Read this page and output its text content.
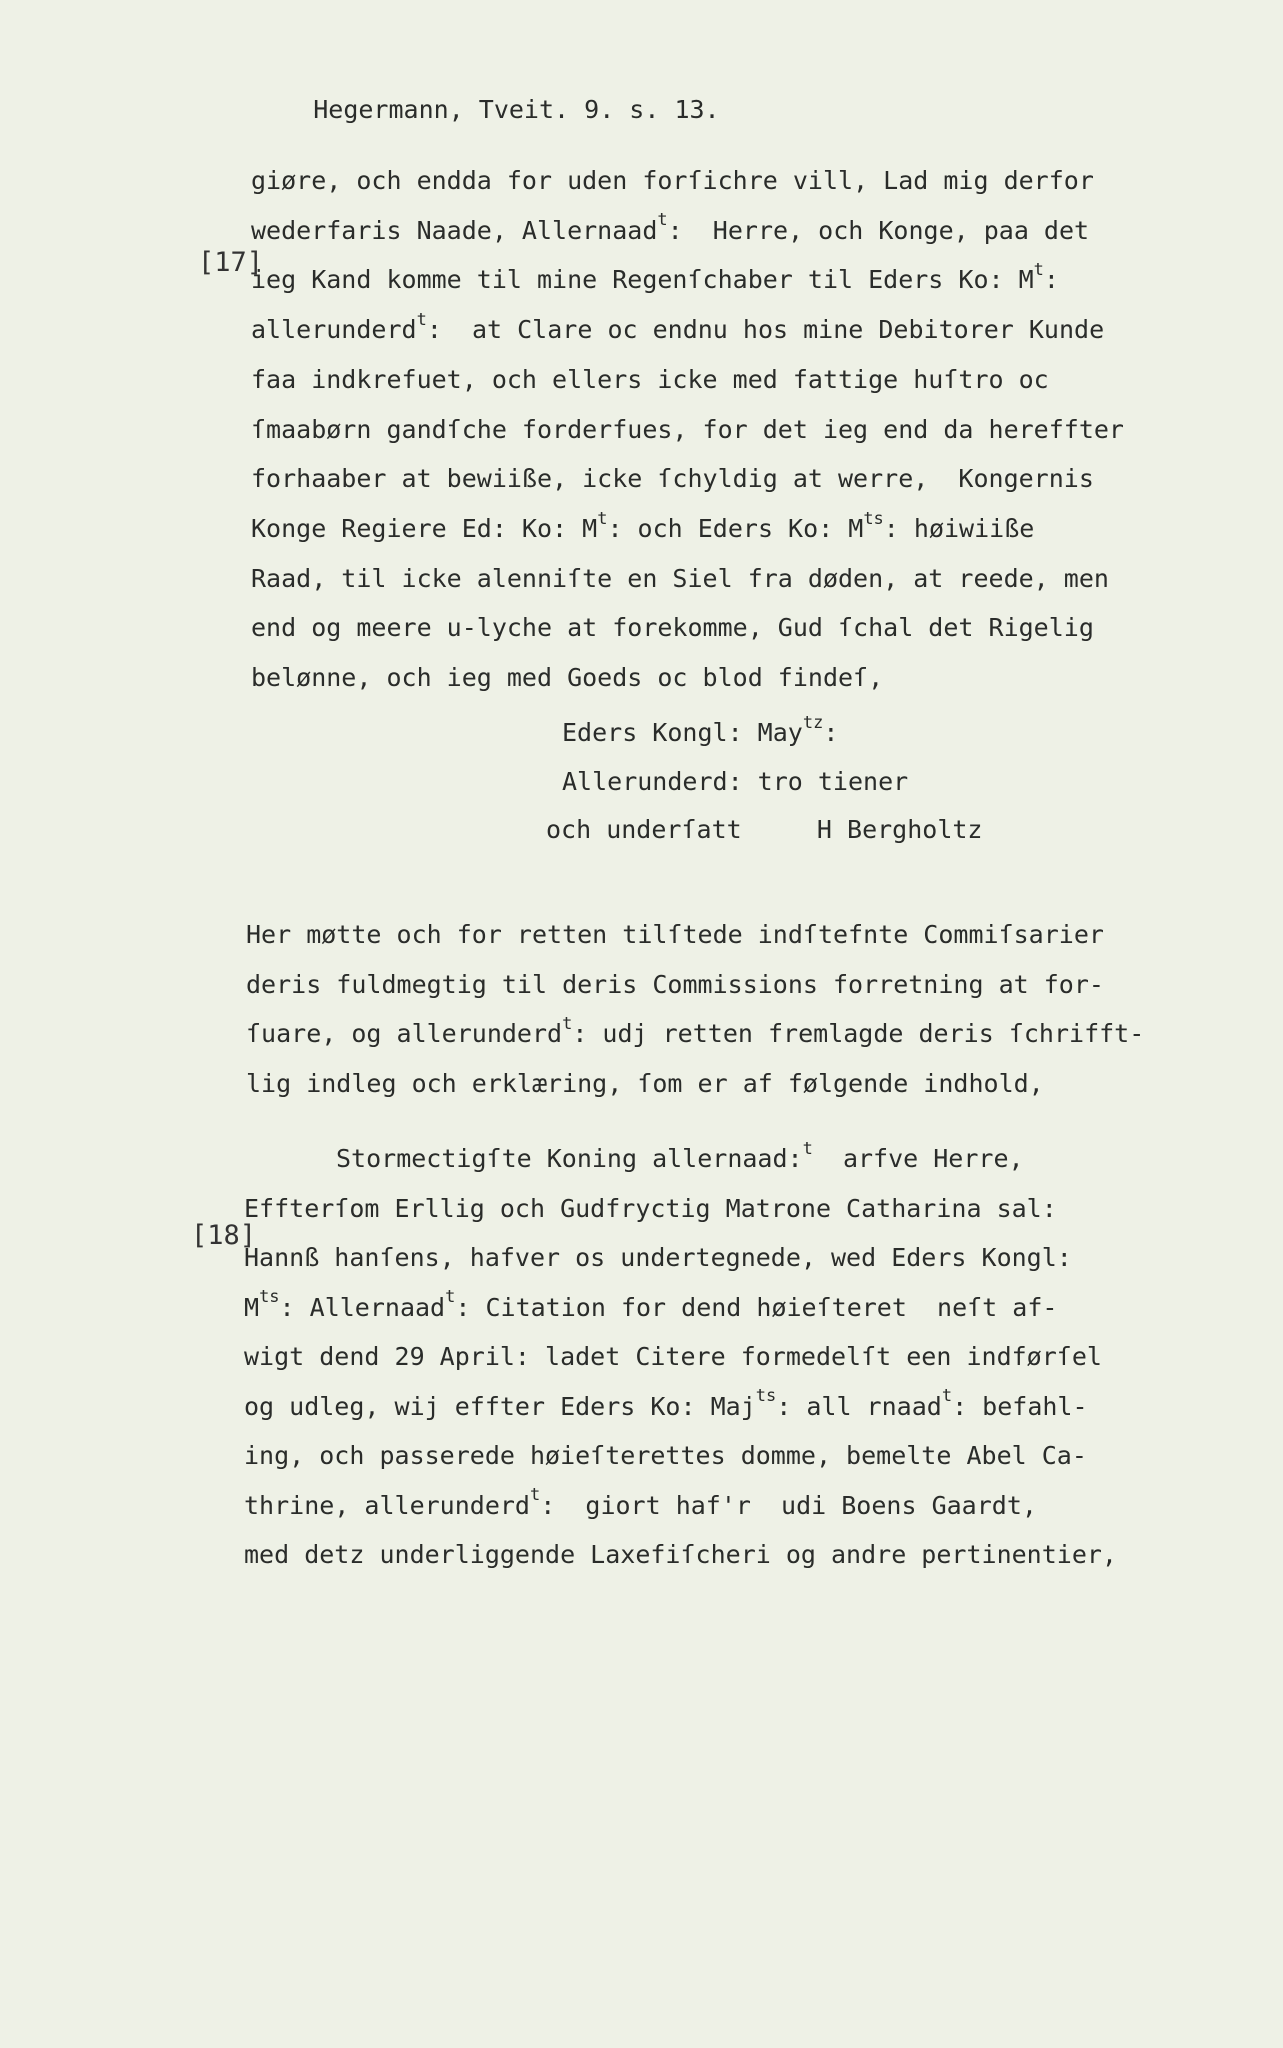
Hegermann, Tveit. 9. s. 13.

[17]

giøre, och endda for uden forſichre vill, Lad mig derfor
wederfaris Naade, Allernaad$^t$:  Herre, och Konge, paa det
ieg Kand komme til mine Regenſchaber til Eders Ko: $M^t$:
allerunderd$^t$:  at Clare oc endnu hos mine Debitorer Kunde
faa indkrefuet, och ellers icke med fattige huſtro oc
ſmaabørn gandſche forderfues, for det ieg end da hereffter
forhaaber at bewiiße, icke ſchyldig at werre,  Kongernis
Konge Regiere Ed: Ko: $M^t$: och Eders Ko: $M^{ts}$: høiwiiße
Raad, til icke alenniſte en Siel fra døden, at reede, men
end og meere u-lyche at forekomme, Gud ſchal det Rigelig
belønne, och ieg med Goeds oc blod findeſ,
Eders Kongl: May$^{tz}$:
Allerunderd: tro tiener
och underſatt     H Bergholtz
Her møtte och for retten tilſtede indſtefnte Commiſsarier
deris fuldmegtig til deris Commissions forretning at for-
ſuare, og allerunderd$^t$: udj retten fremlagde deris ſchrifft-
lig indleg och erklæring, ſom er af følgende indhold,

[18]

Stormectigſte Koning allernaad:$^t$  arfve Herre,
Effterſom Erllig och Gudfryctig Matrone Catharina sal:
Hannß hanſens, hafver os undertegnede, wed Eders Kongl:
$M^{ts}$: Allernaad$^t$: Citation for dend høieſteret  neſt af-
wigt dend 29 April: ladet Citere formedelſt een indførſel
og udleg, wij effter Eders Ko: Maj$^{ts}$: all rnaad$^t$: befahl-
ing, och passerede høieſterettes domme, bemelte Abel Ca-
thrine, allerunderd$^t$:  giort haf'r  udi Boens Gaardt,
med detz underliggende Laxefiſcheri og andre pertinentier,
